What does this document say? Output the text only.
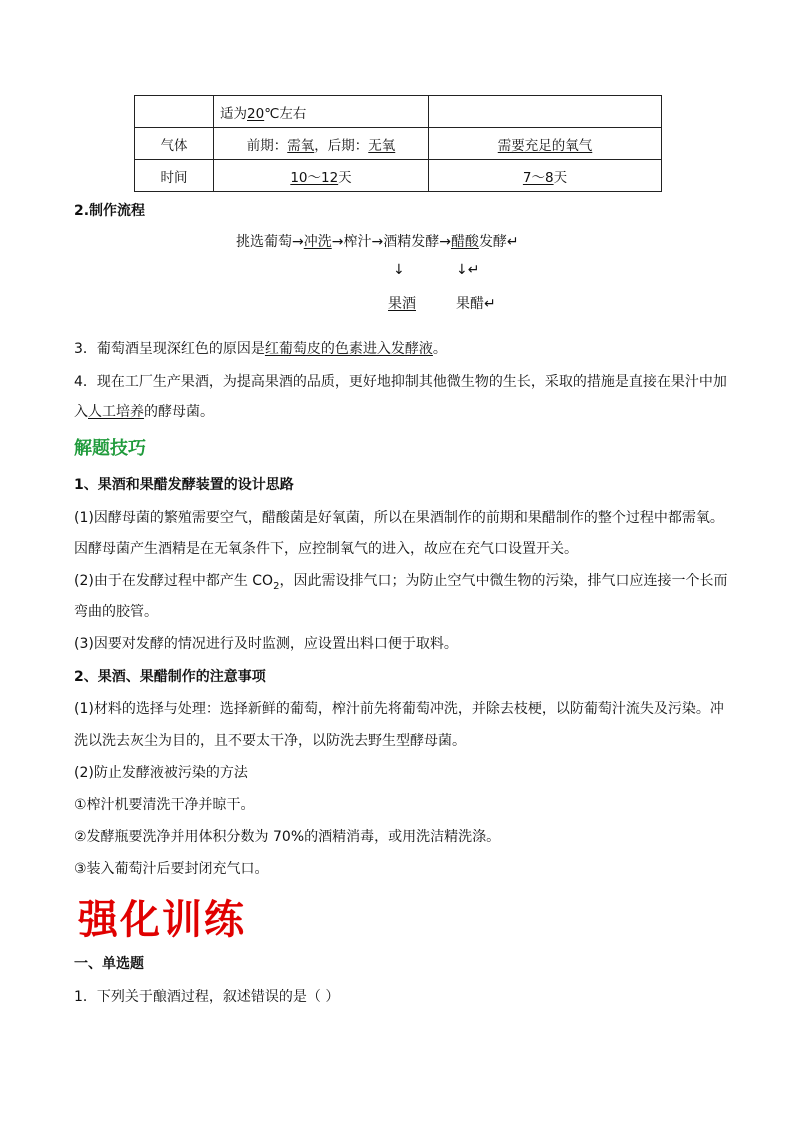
	适为20℃左右	
气体	前期：需氧，后期：无氧	需要充足的氧气
时间	10～12天	7～8天
2.制作流程
挑选葡萄→冲洗→榨汁→酒精发酵→醋酸发酵↵
↓	↓↵
果酒	果醋↵
3．葡萄酒呈现深红色的原因是红葡萄皮的色素进入发酵液。
4．现在工厂生产果酒，为提高果酒的品质，更好地抑制其他微生物的生长，采取的措施是直接在果汁中加
入人工培养的酵母菌。
解题技巧
1、果酒和果醋发酵装置的设计思路
(1)因酵母菌的繁殖需要空气，醋酸菌是好氧菌，所以在果酒制作的前期和果醋制作的整个过程中都需氧。
因酵母菌产生酒精是在无氧条件下，应控制氧气的进入，故应在充气口设置开关。
(2)由于在发酵过程中都产生 $CO_2$，因此需设排气口；为防止空气中微生物的污染，排气口应连接一个长而
弯曲的胶管。
(3)因要对发酵的情况进行及时监测，应设置出料口便于取料。
2、果酒、果醋制作的注意事项
(1)材料的选择与处理：选择新鲜的葡萄，榨汁前先将葡萄冲洗，并除去枝梗，以防葡萄汁流失及污染。冲
洗以洗去灰尘为目的，且不要太干净，以防洗去野生型酵母菌。
(2)防止发酵液被污染的方法
①榨汁机要清洗干净并晾干。
②发酵瓶要洗净并用体积分数为 70%的酒精消毒，或用洗洁精洗涤。
③装入葡萄汁后要封闭充气口。
强化训练
一、单选题
1．下列关于酿酒过程，叙述错误的是（ ）
